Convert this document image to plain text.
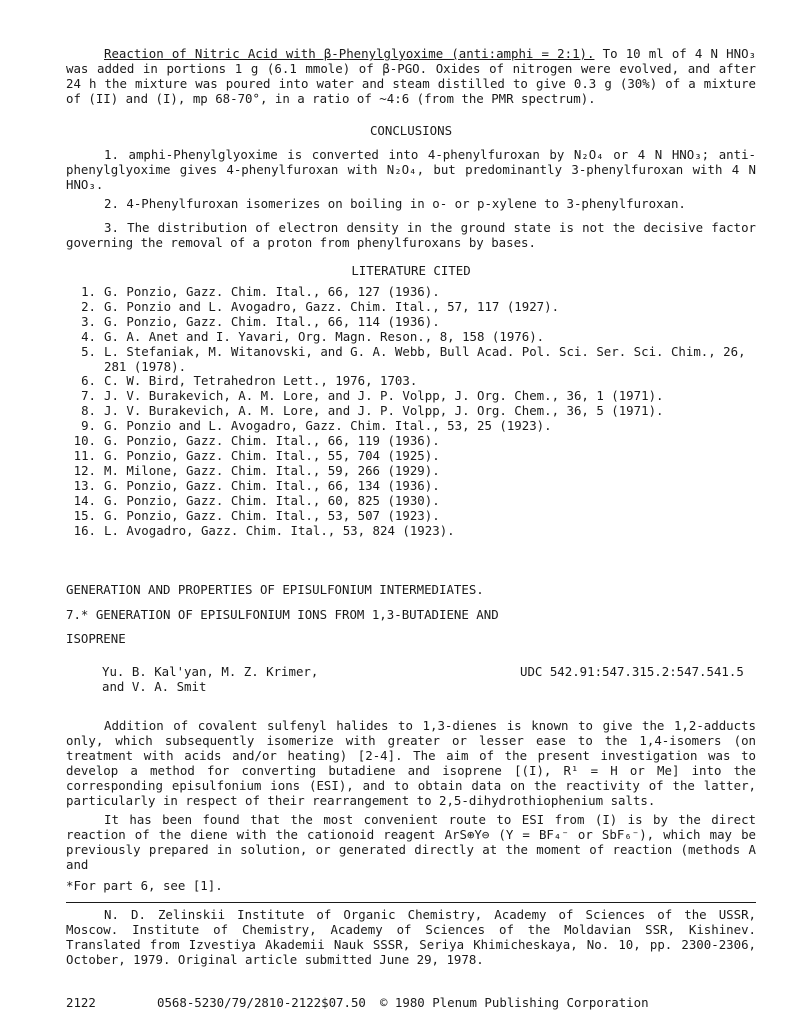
Reaction of Nitric Acid with β-Phenylglyoxime (anti:amphi = 2:1). To 10 ml of 4 N HNO₃ was added in portions 1 g (6.1 mmole) of β-PGO. Oxides of nitrogen were evolved, and after 24 h the mixture was poured into water and steam distilled to give 0.3 g (30%) of a mixture of (II) and (I), mp 68-70°, in a ratio of ~4:6 (from the PMR spectrum).

CONCLUSIONS

1. amphi-Phenylglyoxime is converted into 4-phenylfuroxan by N₂O₄ or 4 N HNO₃; anti-phenylglyoxime gives 4-phenylfuroxan with N₂O₄, but predominantly 3-phenylfuroxan with 4 N HNO₃.

2. 4-Phenylfuroxan isomerizes on boiling in o- or p-xylene to 3-phenylfuroxan.

3. The distribution of electron density in the ground state is not the decisive factor governing the removal of a proton from phenylfuroxans by bases.

LITERATURE CITED

1. G. Ponzio, Gazz. Chim. Ital., 66, 127 (1936).
2. G. Ponzio and L. Avogadro, Gazz. Chim. Ital., 57, 117 (1927).
3. G. Ponzio, Gazz. Chim. Ital., 66, 114 (1936).
4. G. A. Anet and I. Yavari, Org. Magn. Reson., 8, 158 (1976).
5. L. Stefaniak, M. Witanovski, and G. A. Webb, Bull Acad. Pol. Sci. Ser. Sci. Chim., 26, 281 (1978).
6. C. W. Bird, Tetrahedron Lett., 1976, 1703.
7. J. V. Burakevich, A. M. Lore, and J. P. Volpp, J. Org. Chem., 36, 1 (1971).
8. J. V. Burakevich, A. M. Lore, and J. P. Volpp, J. Org. Chem., 36, 5 (1971).
9. G. Ponzio and L. Avogadro, Gazz. Chim. Ital., 53, 25 (1923).
10. G. Ponzio, Gazz. Chim. Ital., 66, 119 (1936).
11. G. Ponzio, Gazz. Chim. Ital., 55, 704 (1925).
12. M. Milone, Gazz. Chim. Ital., 59, 266 (1929).
13. G. Ponzio, Gazz. Chim. Ital., 66, 134 (1936).
14. G. Ponzio, Gazz. Chim. Ital., 60, 825 (1930).
15. G. Ponzio, Gazz. Chim. Ital., 53, 507 (1923).
16. L. Avogadro, Gazz. Chim. Ital., 53, 824 (1923).

GENERATION AND PROPERTIES OF EPISULFONIUM INTERMEDIATES.

7.* GENERATION OF EPISULFONIUM IONS FROM 1,3-BUTADIENE AND

ISOPRENE

Yu. B. Kal'yan, M. Z. Krimer,
and V. A. Smit

UDC 542.91:547.315.2:547.541.5

Addition of covalent sulfenyl halides to 1,3-dienes is known to give the 1,2-adducts only, which subsequently isomerize with greater or lesser ease to the 1,4-isomers (on treatment with acids and/or heating) [2-4]. The aim of the present investigation was to develop a method for converting butadiene and isoprene [(I), R¹ = H or Me] into the corresponding episulfonium ions (ESI), and to obtain data on the reactivity of the latter, particularly in respect of their rearrangement to 2,5-dihydrothiophenium salts.

It has been found that the most convenient route to ESI from (I) is by the direct reaction of the diene with the cationoid reagent ArS⊕Y⊖ (Y = BF₄⁻ or SbF₆⁻), which may be previously prepared in solution, or generated directly at the moment of reaction (methods A and

*For part 6, see [1].

N. D. Zelinskii Institute of Organic Chemistry, Academy of Sciences of the USSR, Moscow. Institute of Chemistry, Academy of Sciences of the Moldavian SSR, Kishinev. Translated from Izvestiya Akademii Nauk SSSR, Seriya Khimicheskaya, No. 10, pp. 2300-2306, October, 1979. Original article submitted June 29, 1978.

2122	0568-5230/79/2810-2122$07.50 © 1980 Plenum Publishing Corporation
